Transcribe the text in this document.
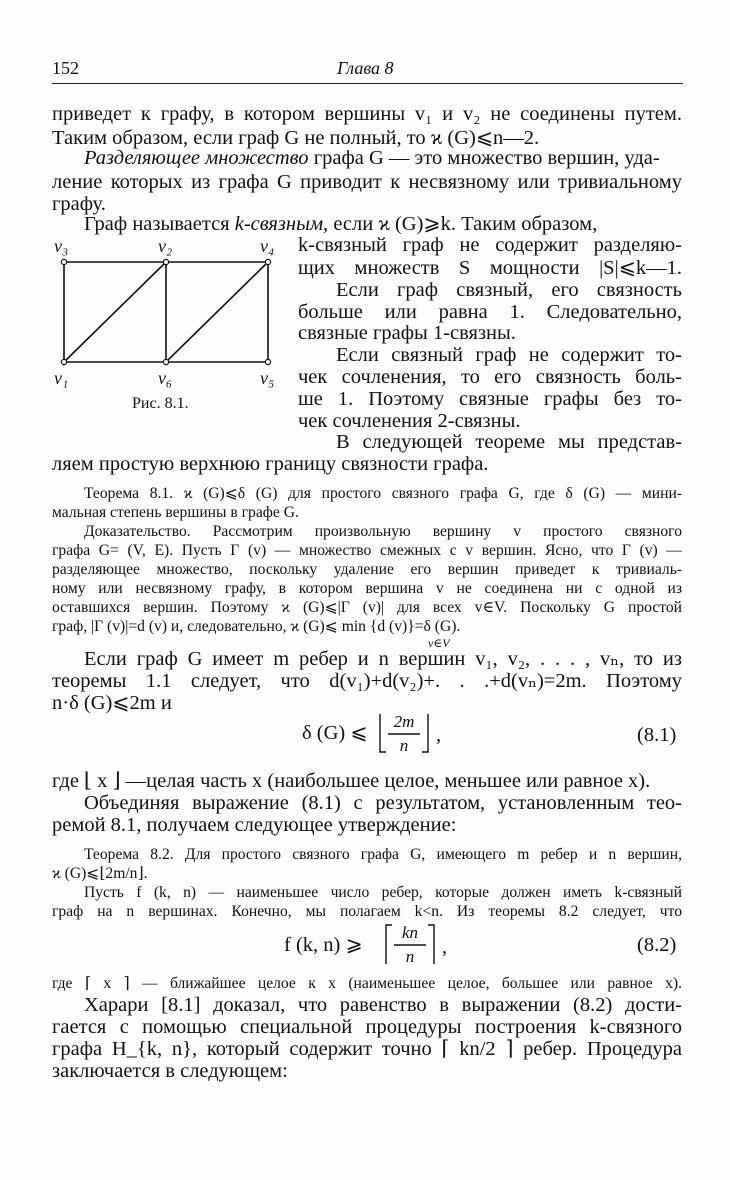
152	Глава 8
приведет к графу, в котором вершины v₁ и v₂ не соединены путем.
Таким образом, если граф G не полный, то ϰ (G)⩽n—2.
Разделяющее множество графа G — это множество вершин, уда-
ление которых из графа G приводит к несвязному или тривиальному
графу.
Граф называется k-связным, если ϰ (G)⩾k. Таким образом,
k-связный граф не содержит разделяю-
щих множеств S мощности |S|⩽k—1.
Если граф связный, его связность
больше или равна 1. Следовательно,
связные графы 1-связны.
Если связный граф не содержит то-
чек сочленения, то его связность боль-
ше 1. Поэтому связные графы без то-
чек сочленения 2-связны.
В следующей теореме мы представ-
ляем простую верхнюю границу связности графа.
v₃	v₂	v₄
v₁	v₆	v₅
Рис. 8.1.
Теорема 8.1. ϰ (G)⩽δ (G) для простого связного графа G, где δ (G) — мини-
мальная степень вершины в графе G.
Доказательство. Рассмотрим произвольную вершину v простого связного
графа G= (V, E). Пусть Γ (v) — множество смежных с v вершин. Ясно, что Γ (v) —
разделяющее множество, поскольку удаление его вершин приведет к тривиаль-
ному или несвязному графу, в котором вершина v не соединена ни с одной из
оставшихся вершин. Поэтому ϰ (G)⩽|Γ (v)| для всех v∈V. Поскольку G простой
граф, |Γ (v)|=d (v) и, следовательно, ϰ (G)⩽ min {d (v)}=δ (G).
v∈V
Если граф G имеет m ребер и n вершин v₁, v₂, . . . , vₙ, то из
теоремы 1.1 следует, что d(v₁)+d(v₂)+. . .+d(vₙ)=2m. Поэтому
n·δ (G)⩽2m и
δ (G) ⩽
2m
n	,	(8.1)
где ⌊ x ⌋ —целая часть x (наибольшее целое, меньшее или равное x).
Объединяя выражение (8.1) с результатом, установленным тео-
ремой 8.1, получаем следующее утверждение:
Теорема 8.2. Для простого связного графа G, имеющего m ребер и n вершин,
ϰ (G)⩽⌊2m/n⌋.
Пусть f (k, n) — наименьшее число ребер, которые должен иметь k-связный
граф на n вершинах. Конечно, мы полагаем k<n. Из теоремы 8.2 следует, что
f (k, n) ⩾
kn
n	,	(8.2)
где ⌈ x ⌉ — ближайшее целое к x (наименьшее целое, большее или равное x).
Харари [8.1] доказал, что равенство в выражении (8.2) дости-
гается с помощью специальной процедуры построения k-связного
графа H_{k, n}, который содержит точно ⌈ kn/2 ⌉ ребер. Процедура
заключается в следующем:
